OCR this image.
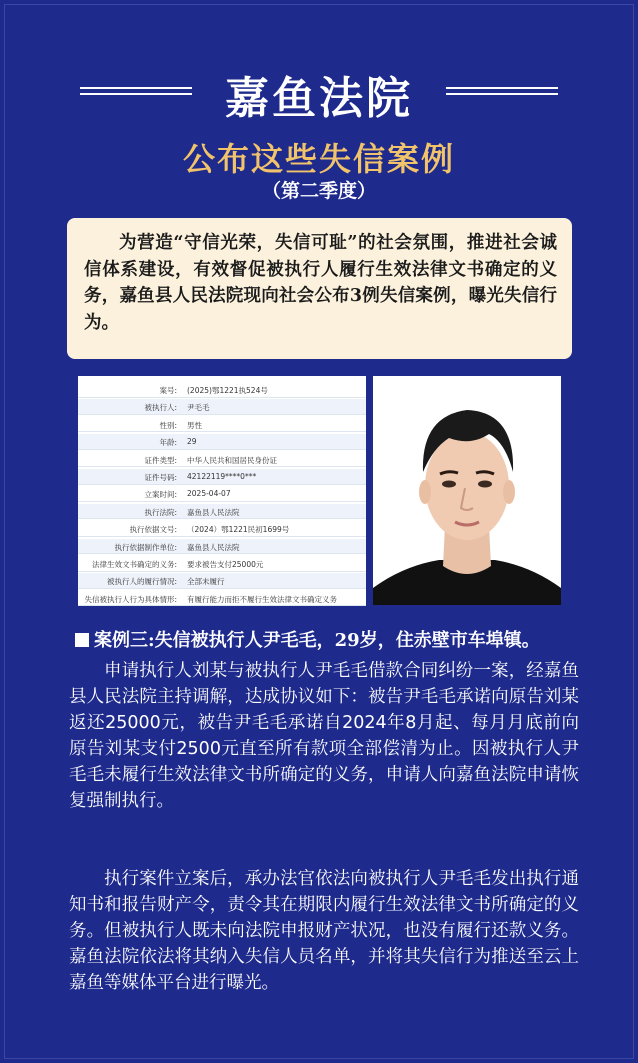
嘉鱼法院
公布这些失信案例
（第二季度）

为营造“守信光荣，失信可耻”的社会氛围，推进社会诚信体系建设，有效督促被执行人履行生效法律文书确定的义务，嘉鱼县人民法院现向社会公布3例失信案例，曝光失信行为。

案号: (2025)鄂1221执524号
被执行人: 尹毛毛
性别: 男性
年龄: 29
证件类型: 中华人民共和国居民身份证
证件号码: 42122119****0***
立案时间: 2025-04-07
执行法院: 嘉鱼县人民法院
执行依据文号: （2024）鄂1221民初1699号
执行依据制作单位: 嘉鱼县人民法院
法律生效文书确定的义务: 要求被告支付25000元
被执行人的履行情况: 全部未履行
失信被执行人行为具体情形: 有履行能力而拒不履行生效法律文书确定义务
案例三:失信被执行人尹毛毛，29岁，住赤壁市车埠镇。

申请执行人刘某与被执行人尹毛毛借款合同纠纷一案，经嘉鱼县人民法院主持调解，达成协议如下：被告尹毛毛承诺向原告刘某返还25000元，被告尹毛毛承诺自2024年8月起、每月月底前向原告刘某支付2500元直至所有款项全部偿清为止。因被执行人尹毛毛未履行生效法律文书所确定的义务，申请人向嘉鱼法院申请恢复强制执行。

执行案件立案后，承办法官依法向被执行人尹毛毛发出执行通知书和报告财产令，责令其在期限内履行生效法律文书所确定的义务。但被执行人既未向法院申报财产状况，也没有履行还款义务。嘉鱼法院依法将其纳入失信人员名单，并将其失信行为推送至云上嘉鱼等媒体平台进行曝光。
